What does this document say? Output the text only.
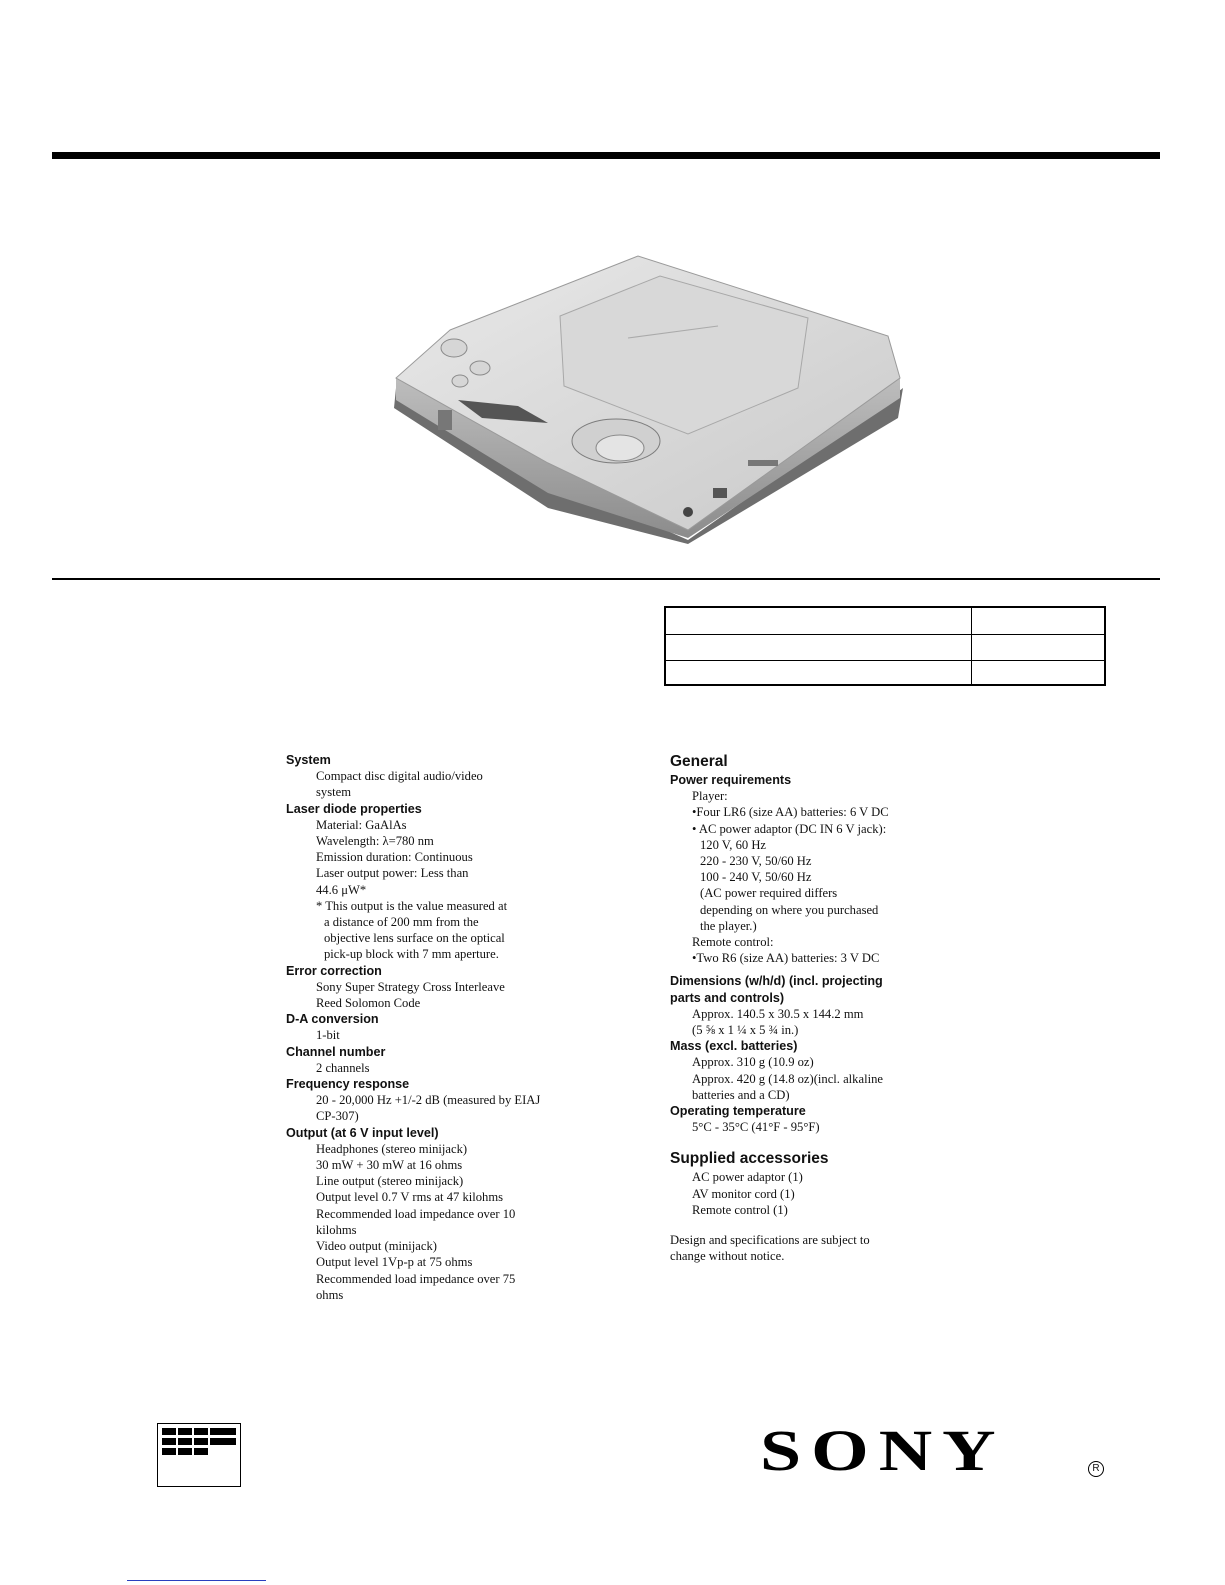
System
Compact disc digital audio/video
system
Laser diode properties
Material: GaAlAs
Wavelength: λ=780 nm
Emission duration: Continuous
Laser output power: Less than
44.6 μW*
* This output is the value measured at
a distance of 200 mm from the
objective lens surface on the optical
pick-up block with 7 mm aperture.
Error correction
Sony Super Strategy Cross Interleave
Reed Solomon Code
D-A conversion
1-bit
Channel number
2 channels
Frequency response
20 - 20,000 Hz +1/-2 dB (measured by EIAJ
CP-307)
Output (at 6 V input level)
Headphones (stereo minijack)
30 mW + 30 mW at 16 ohms
Line output (stereo minijack)
Output level 0.7 V rms at 47 kilohms
Recommended load impedance over 10
kilohms
Video output (minijack)
Output level 1Vp-p at 75 ohms
Recommended load impedance over 75
ohms
General
Power requirements
Player:
•Four LR6 (size AA) batteries: 6 V DC
• AC power adaptor (DC IN 6 V jack):
120 V, 60 Hz
220 - 230 V, 50/60 Hz
100 - 240 V, 50/60 Hz
(AC power required differs
depending on where you purchased
the player.)
Remote control:
•Two R6 (size AA) batteries: 3 V DC
Dimensions (w/h/d) (incl. projecting
parts and controls)
Approx. 140.5 x 30.5 x 144.2 mm
(5 ⅝ x 1 ¼ x 5 ¾ in.)
Mass (excl. batteries)
Approx. 310 g (10.9 oz)
Approx. 420 g (14.8 oz)(incl. alkaline
batteries and a CD)
Operating temperature
5°C - 35°C (41°F - 95°F)
Supplied accessories
AC power adaptor (1)
AV monitor cord (1)
Remote control (1)
Design and specifications are subject to
change without notice.
SONY	R
